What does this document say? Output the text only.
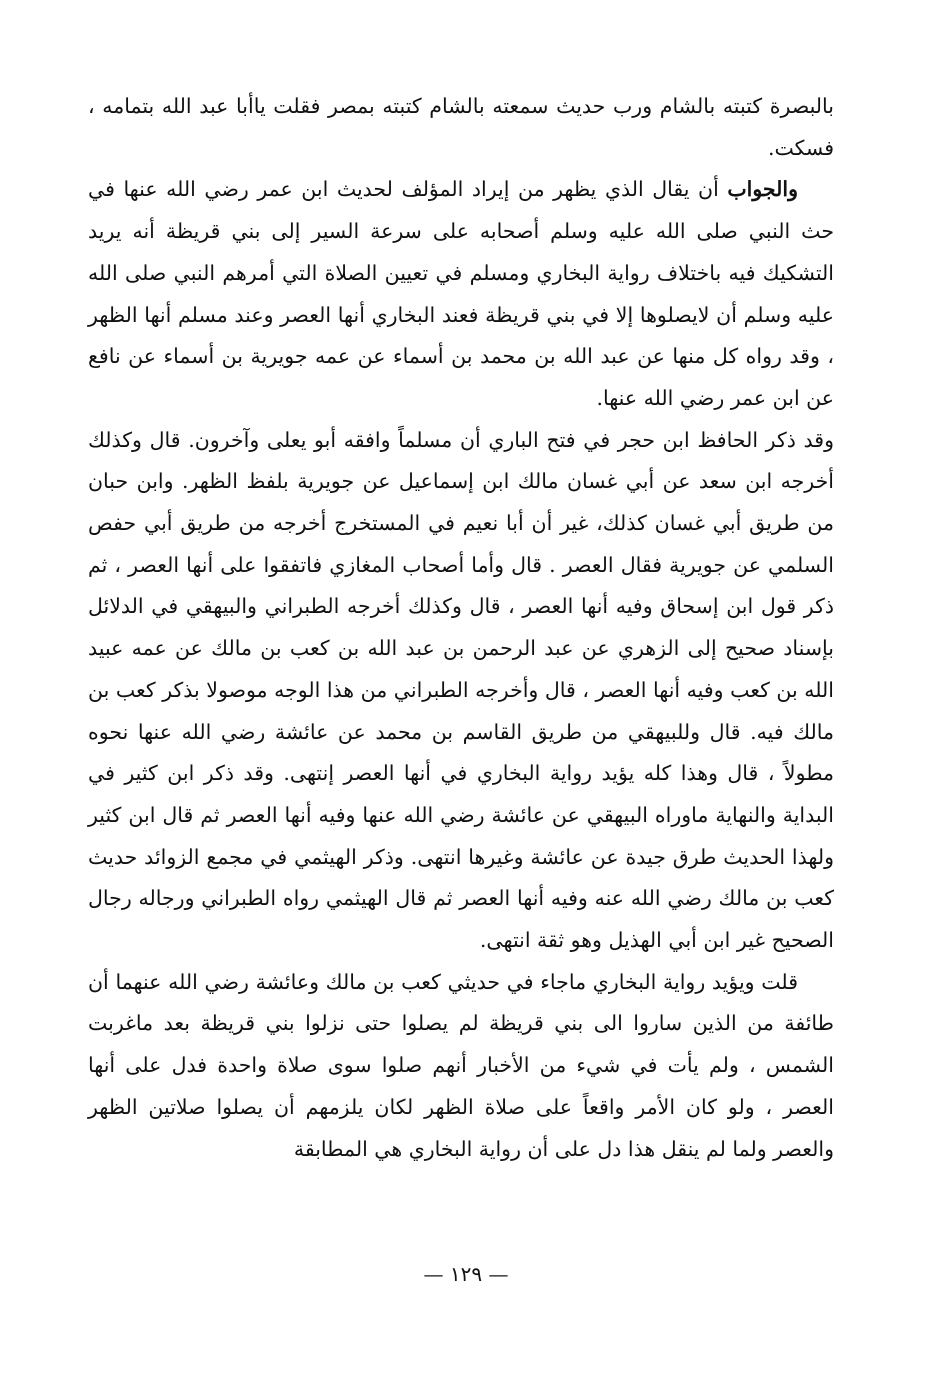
بالبصرة كتبته بالشام ورب حديث سمعته بالشام كتبته بمصر فقلت ياأبا عبد الله بتمامه ، فسكت.

والجواب أن يقال الذي يظهر من إيراد المؤلف لحديث ابن عمر رضي الله عنها في حث النبي صلى الله عليه وسلم أصحابه على سرعة السير إلى بني قريظة أنه يريد التشكيك فيه باختلاف رواية البخاري ومسلم في تعيين الصلاة التي أمرهم النبي صلى الله عليه وسلم أن لايصلوها إلا في بني قريظة فعند البخاري أنها العصر وعند مسلم أنها الظهر ، وقد رواه كل منها عن عبد الله بن محمد بن أسماء عن عمه جويرية بن أسماء عن نافع عن ابن عمر رضي الله عنها.

وقد ذكر الحافظ ابن حجر في فتح الباري أن مسلماً وافقه أبو يعلى وآخرون. قال وكذلك أخرجه ابن سعد عن أبي غسان مالك ابن إسماعيل عن جويرية بلفظ الظهر. وابن حبان من طريق أبي غسان كذلك، غير أن أبا نعيم في المستخرج أخرجه من طريق أبي حفص السلمي عن جويرية فقال العصر . قال وأما أصحاب المغازي فاتفقوا على أنها العصر ، ثم ذكر قول ابن إسحاق وفيه أنها العصر ، قال وكذلك أخرجه الطبراني والبيهقي في الدلائل بإسناد صحيح إلى الزهري عن عبد الرحمن بن عبد الله بن كعب بن مالك عن عمه عبيد الله بن كعب وفيه أنها العصر ، قال وأخرجه الطبراني من هذا الوجه موصولا بذكر كعب بن مالك فيه. قال وللبيهقي من طريق القاسم بن محمد عن عائشة رضي الله عنها نحوه مطولاً ، قال وهذا كله يؤيد رواية البخاري في أنها العصر إنتهى. وقد ذكر ابن كثير في البداية والنهاية ماوراه البيهقي عن عائشة رضي الله عنها وفيه أنها العصر ثم قال ابن كثير ولهذا الحديث طرق جيدة عن عائشة وغيرها انتهى. وذكر الهيثمي في مجمع الزوائد حديث كعب بن مالك رضي الله عنه وفيه أنها العصر ثم قال الهيثمي رواه الطبراني ورجاله رجال الصحيح غير ابن أبي الهذيل وهو ثقة انتهى.

قلت ويؤيد رواية البخاري ماجاء في حديثي كعب بن مالك وعائشة رضي الله عنهما أن طائفة من الذين ساروا الى بني قريظة لم يصلوا حتى نزلوا بني قريظة بعد ماغربت الشمس ، ولم يأت في شيء من الأخبار أنهم صلوا سوى صلاة واحدة فدل على أنها العصر ، ولو كان الأمر واقعاً على صلاة الظهر لكان يلزمهم أن يصلوا صلاتين الظهر والعصر ولما لم ينقل هذا دل على أن رواية البخاري هي المطابقة

— ١٢٩ —
